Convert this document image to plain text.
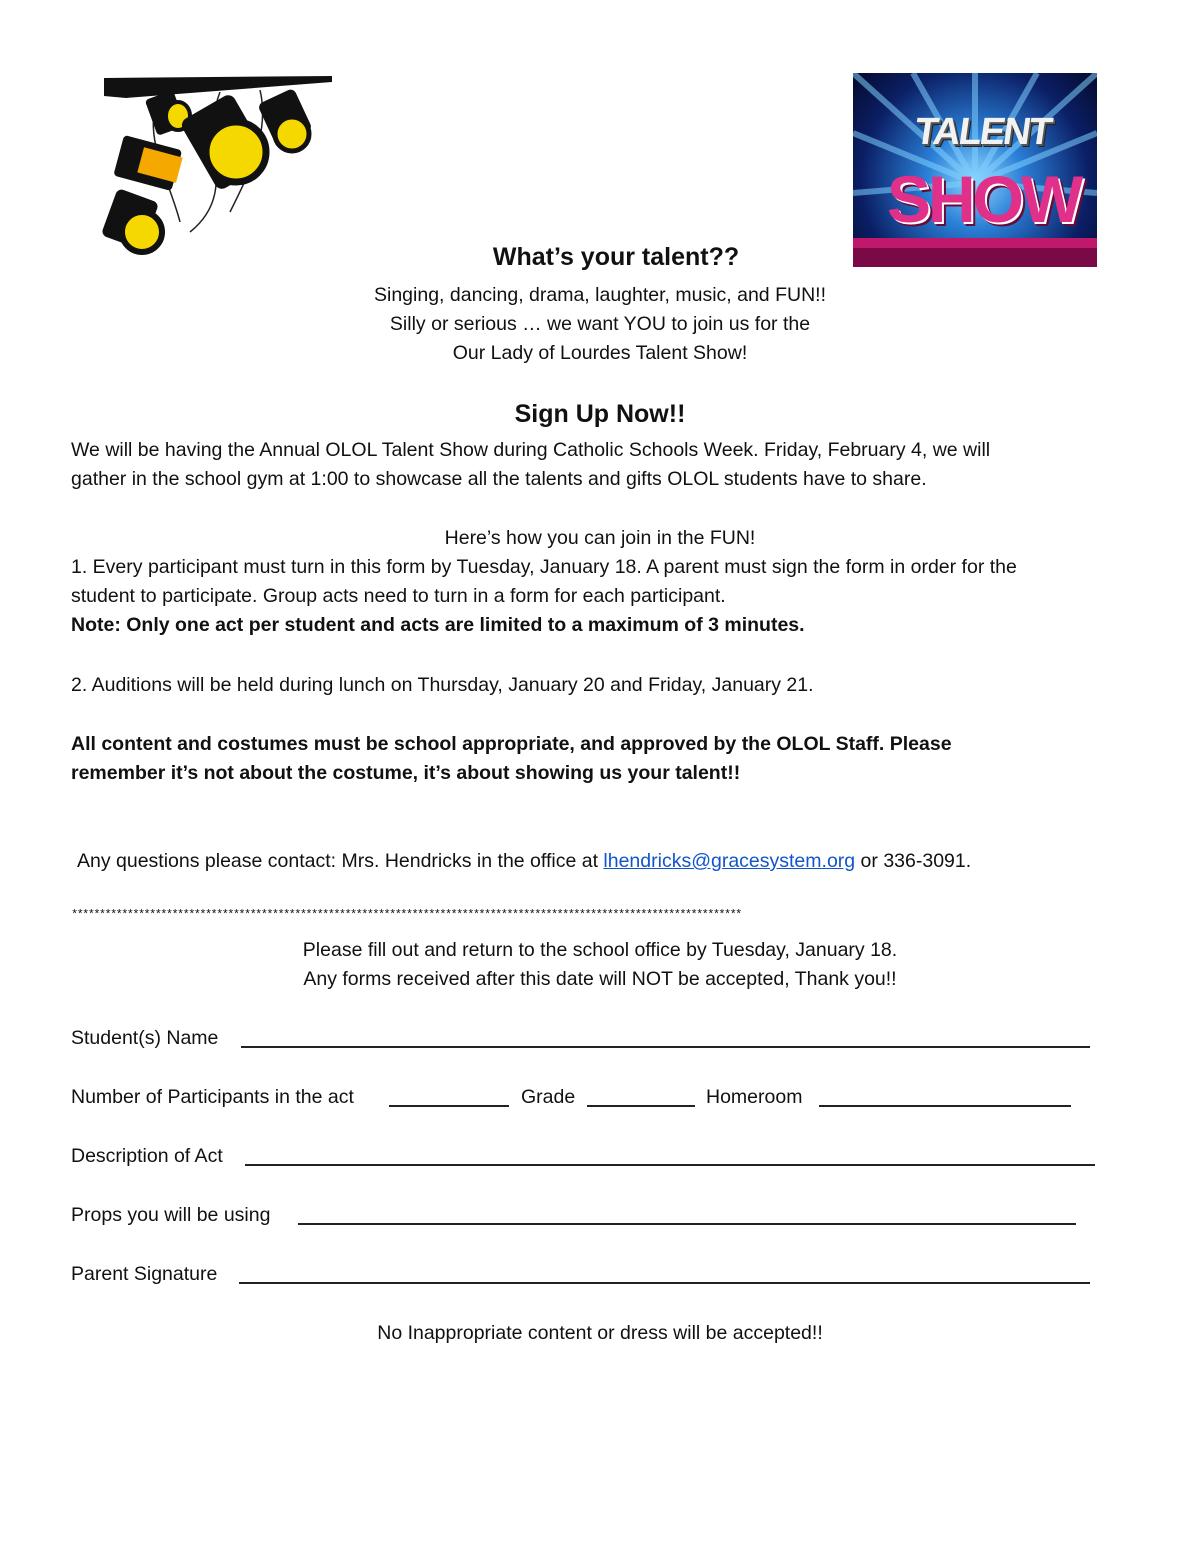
TALENT
SHOW
What’s your talent??
Singing, dancing, drama, laughter, music, and FUN!!
Silly or serious … we want YOU to join us for the
Our Lady of Lourdes Talent Show!
Sign Up Now!!
We will be having the Annual OLOL Talent Show during Catholic Schools Week. Friday, February 4, we will
gather in the school gym at 1:00 to showcase all the talents and gifts OLOL students have to share.
Here’s how you can join in the FUN!
1. Every participant must turn in this form by Tuesday, January 18. A parent must sign the form in order for the
student to participate. Group acts need to turn in a form for each participant.
Note: Only one act per student and acts are limited to a maximum of 3 minutes.
2. Auditions will be held during lunch on Thursday, January 20 and Friday, January 21.
All content and costumes must be school appropriate, and approved by the OLOL Staff. Please
remember it’s not about the costume, it’s about showing us your talent!!
Any questions please contact: Mrs. Hendricks in the office at lhendricks@gracesystem.org or 336-3091.
************************************************************************************************************************
Please fill out and return to the school office by Tuesday, January 18.
Any forms received after this date will NOT be accepted, Thank you!!
Student(s) Name
Number of Participants in the act	Grade	Homeroom
Description of Act
Props you will be using
Parent Signature
No Inappropriate content or dress will be accepted!!
